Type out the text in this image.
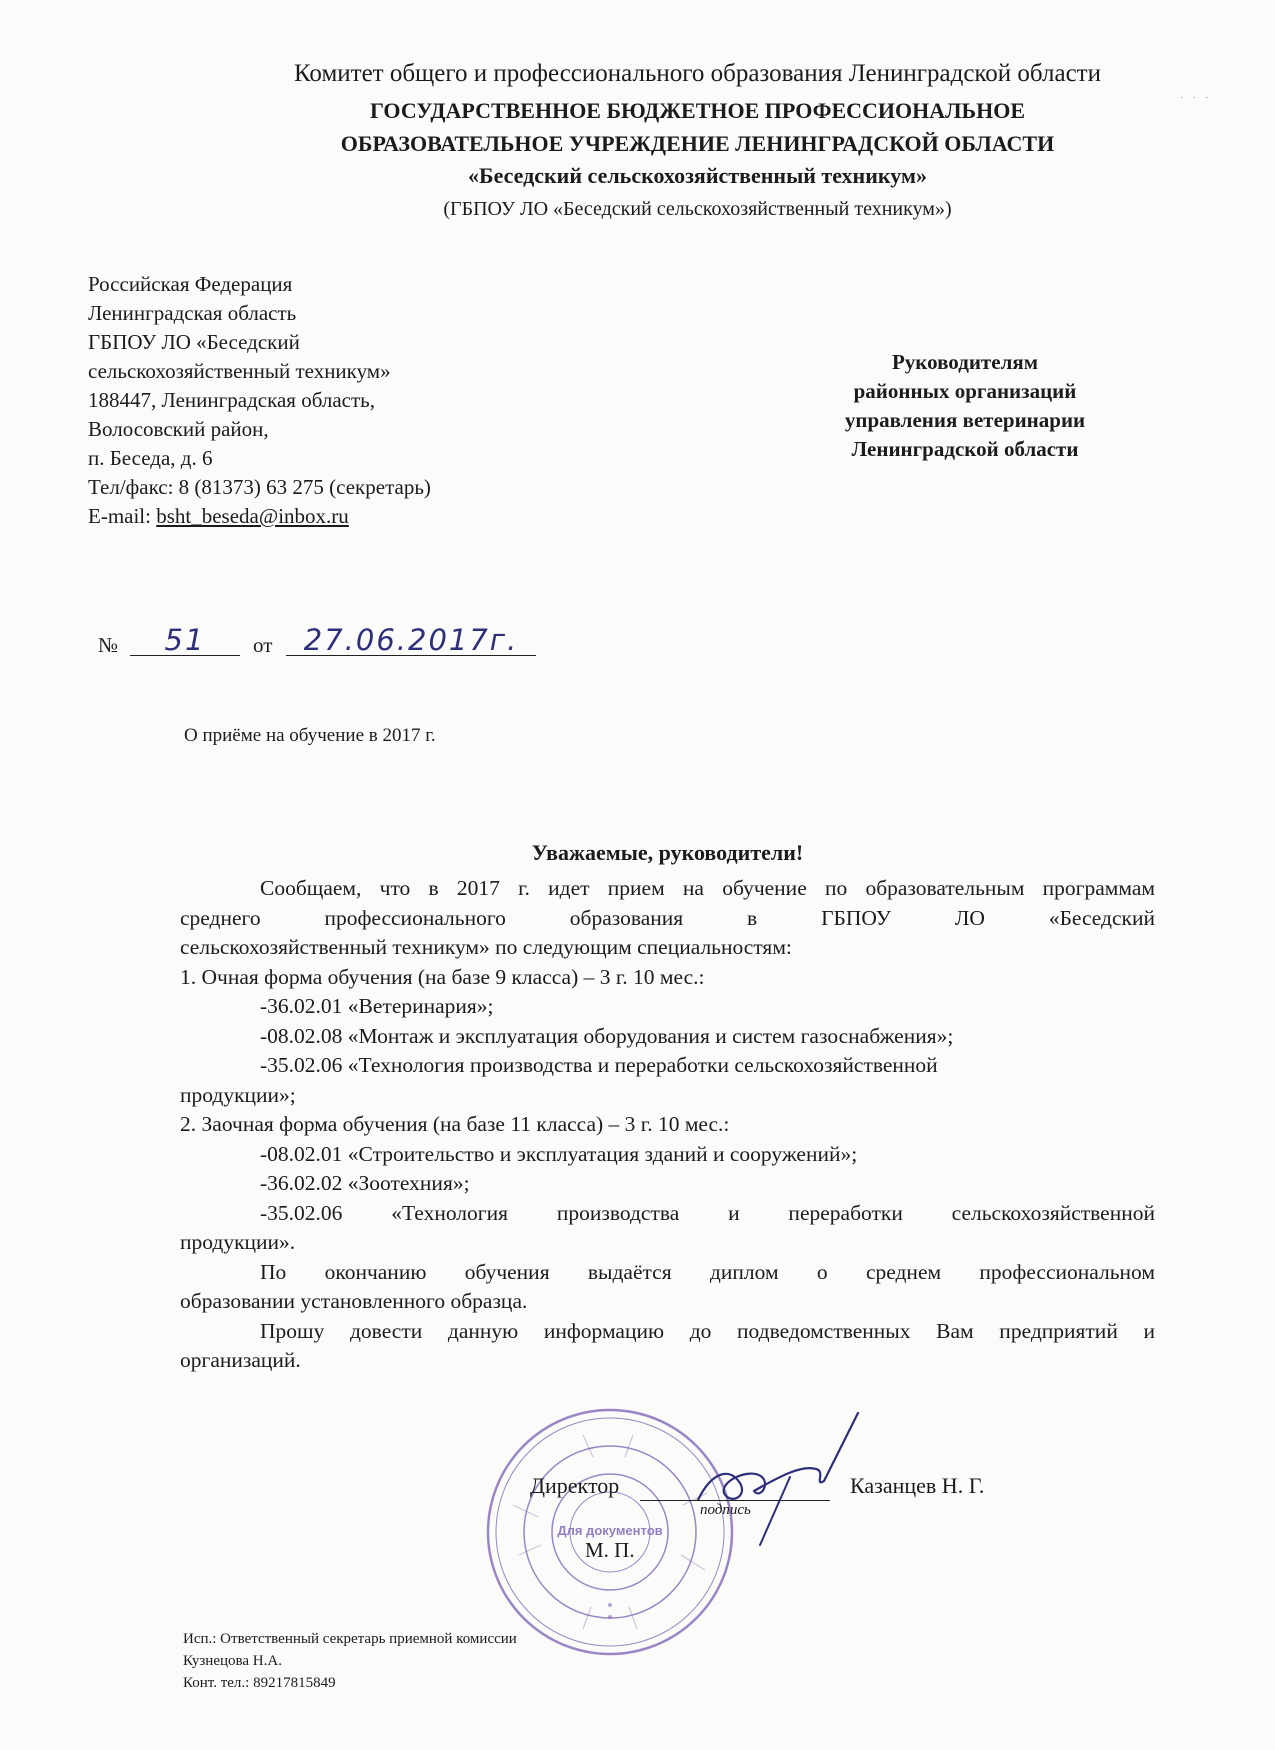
Комитет общего и профессионального образования Ленинградской области
ГОСУДАРСТВЕННОЕ БЮДЖЕТНОЕ ПРОФЕССИОНАЛЬНОЕ
ОБРАЗОВАТЕЛЬНОЕ УЧРЕЖДЕНИЕ ЛЕНИНГРАДСКОЙ ОБЛАСТИ
«Беседский сельскохозяйственный техникум»
(ГБПОУ ЛО «Беседский сельскохозяйственный техникум»)
· · ·
Российская Федерация
Ленинградская область
ГБПОУ ЛО «Беседский
сельскохозяйственный техникум»
188447, Ленинградская область,
Волосовский район,
п. Беседа, д. 6
Тел/факс: 8 (81373) 63 275 (секретарь)
E-mail: bsht_beseda@inbox.ru
Руководителям
районных организаций
управления ветеринарии
Ленинградской области
№	51	от	27.06.2017г.
О приёме на обучение в 2017 г.
Уважаемые, руководители!

Сообщаем, что в 2017 г. идет прием на обучение по образовательным программам

среднего профессионального образования в ГБПОУ ЛО «Беседский

сельскохозяйственный техникум» по следующим специальностям:

1. Очная форма обучения (на базе 9 класса) – 3 г. 10 мес.:

-36.02.01 «Ветеринария»;

-08.02.08 «Монтаж и эксплуатация оборудования и систем газоснабжения»;

-35.02.06 «Технология производства и переработки сельскохозяйственной

продукции»;

2. Заочная форма обучения (на базе 11 класса) – 3 г. 10 мес.:

-08.02.01 «Строительство и эксплуатация зданий и сооружений»;

-36.02.02 «Зоотехния»;

-35.02.06 «Технология производства и переработки сельскохозяйственной

продукции».

По окончанию обучения выдаётся диплом о среднем профессиональном

образовании установленного образца.

Прошу довести данную информацию до подведомственных Вам предприятий и

организаций.

Для документов
Директор
подпись
Казанцев Н. Г.
М. П.
Исп.: Ответственный секретарь приемной комиссии
Кузнецова Н.А.
Конт. тел.: 89217815849
